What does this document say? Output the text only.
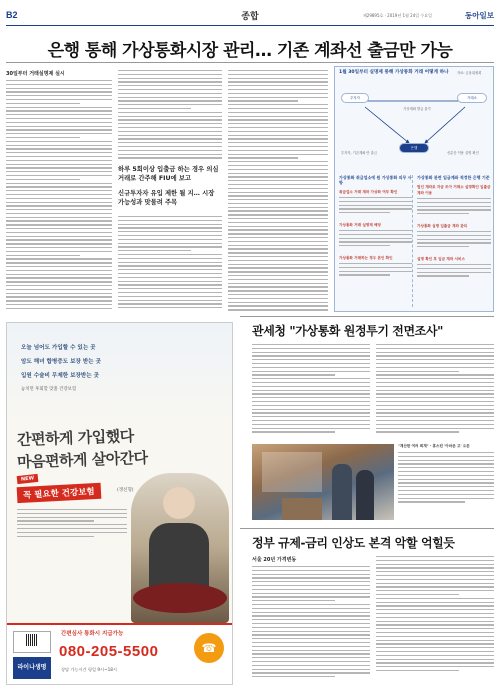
B2	종합	제29895호 · 2019년 1월 24일 수요일	동아일보
은행 통해 가상통화시장 관리… 기존 계좌선 출금만 가능
30일부터 거래실명제 실시
하루 5회이상 입출금 하는 경우 의심거래로 간주해 FIU에 보고
신규투자자 유입 제한 될 지… 시장 가능성과 맞물려 주목
1월 30일부터 실명제 통해 가상통화 거래 어떻게 하나	자료: 금융위원회
투자자	거래소
은행
가상계좌 발급 불가
투자자, 기존계좌 만 출금	신분증 이용 실명 확인
가상통화 취급업소에 원 가상통화 의무 사항
취급업소 거래 계좌 가상화 여부 확인
가상통화 거래 실명제 해당
가상통화 거래하는 경우 본인 확인
가상통화 관련 입금계좌 적정한 은행 기준
법인 계좌로 자금 모아 거래소 실명확인 입출금 계좌 이용
가상통화 실명 입출금 계좌 관리
실명 확인 후 입금 계좌 서비스
관세청 "가상통화 원정투기 전면조사"
"계산한 여러 회계" - 휴스턴 '아마존 고' 오픈
정부 규제-금리 인상도 본격 악할 억힐듯
서울 20년 가격변동
오늘 넘어도 가입할 수 있는 곳
암도 해녀 합병증도 보장 받는 곳
입원 수술비 무제한 보장받는 곳
놓치면 후회할 맞춤 건강보험
간편하게 가입했다
마음편하게 살아간다
NEW
꼭 필요한 건강보험	(갱신형)
라이나생명
간편심사 통화시 지급가능
080-205-5500
상담 가능시간 평일 9시~18시
☎
